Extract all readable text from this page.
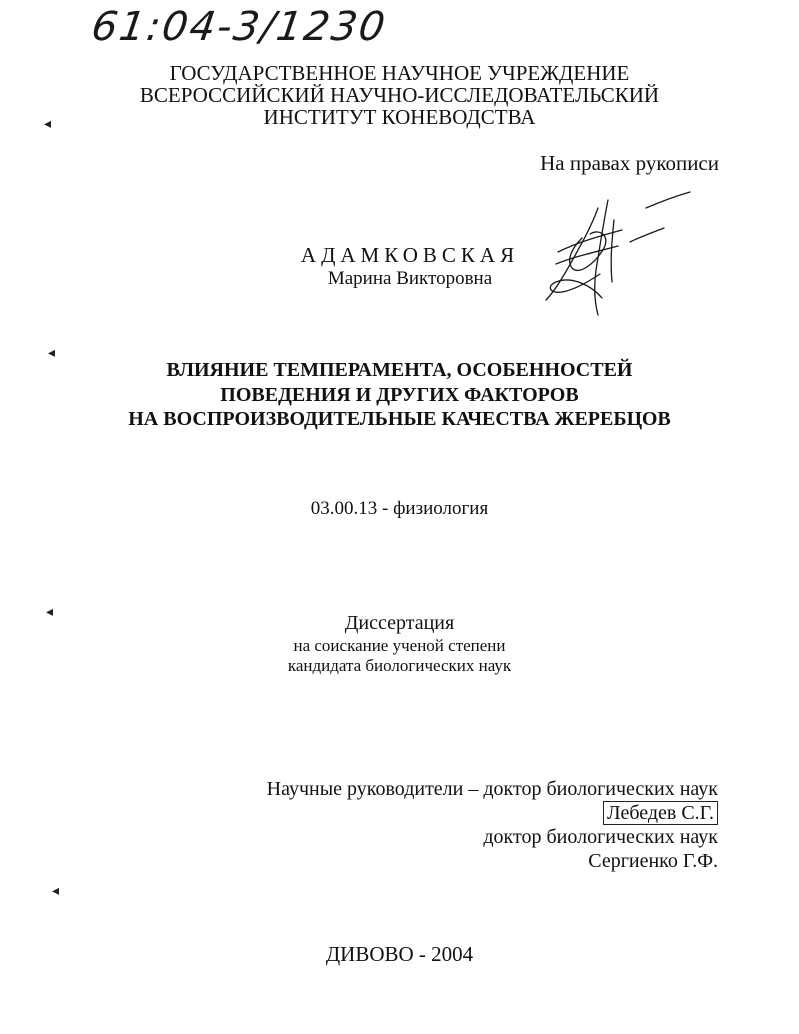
61:04-3/1230
ГОСУДАРСТВЕННОЕ НАУЧНОЕ УЧРЕЖДЕНИЕ
ВСЕРОССИЙСКИЙ НАУЧНО-ИССЛЕДОВАТЕЛЬСКИЙ
ИНСТИТУТ КОНЕВОДСТВА
На правах рукописи
АДАМКОВСКАЯ
Марина Викторовна
ВЛИЯНИЕ ТЕМПЕРАМЕНТА, ОСОБЕННОСТЕЙ
ПОВЕДЕНИЯ И ДРУГИХ ФАКТОРОВ
НА ВОСПРОИЗВОДИТЕЛЬНЫЕ КАЧЕСТВА ЖЕРЕБЦОВ
03.00.13 - физиология
Диссертация
на соискание ученой степени
кандидата биологических наук
Научные руководители – доктор биологических наук
Лебедев С.Г.
доктор биологических наук
Сергиенко Г.Ф.
ДИВОВО - 2004
◂
◂
◂
◂
